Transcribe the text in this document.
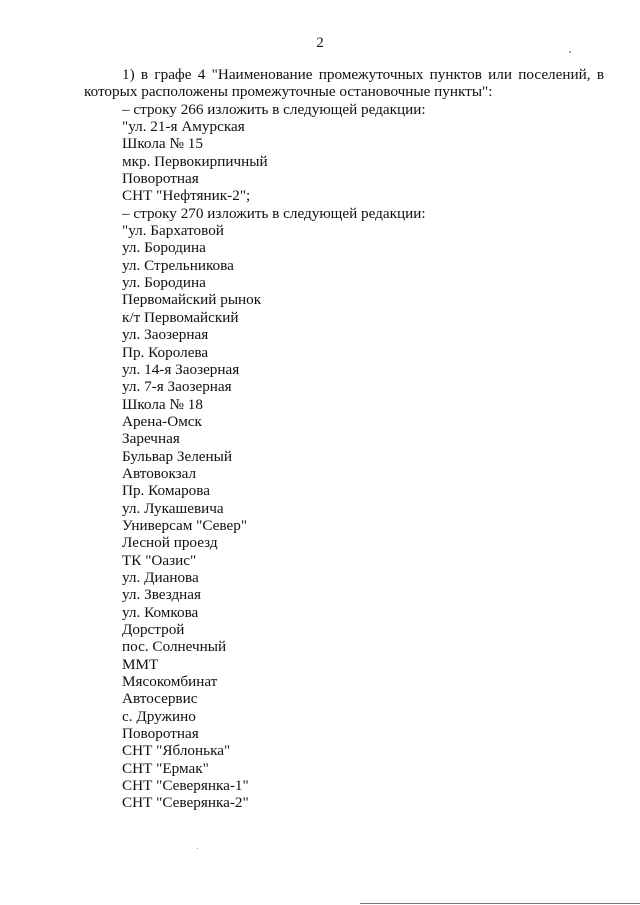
2

1) в графе 4 "Наименование промежуточных пунктов или поселений, в которых расположены промежуточные остановочные пункты":

– строку 266 изложить в следующей редакции:

"ул. 21-я Амурская
Школа № 15
мкр. Первокирпичный
Поворотная
СНТ "Нефтяник-2";

– строку 270 изложить в следующей редакции:

"ул. Бархатовой
ул. Бородина
ул. Стрельникова
ул. Бородина
Первомайский рынок
к/т Первомайский
ул. Заозерная
Пр. Королева
ул. 14-я Заозерная
ул. 7-я Заозерная
Школа № 18
Арена-Омск
Заречная
Бульвар Зеленый
Автовокзал
Пр. Комарова
ул. Лукашевича
Универсам "Север"
Лесной проезд
ТК "Оазис"
ул. Дианова
ул. Звездная
ул. Комкова
Дорстрой
пос. Солнечный
ММТ
Мясокомбинат
Автосервис
с. Дружино
Поворотная
СНТ "Яблонька"
СНТ "Ермак"
СНТ "Северянка-1"
СНТ "Северянка-2"
